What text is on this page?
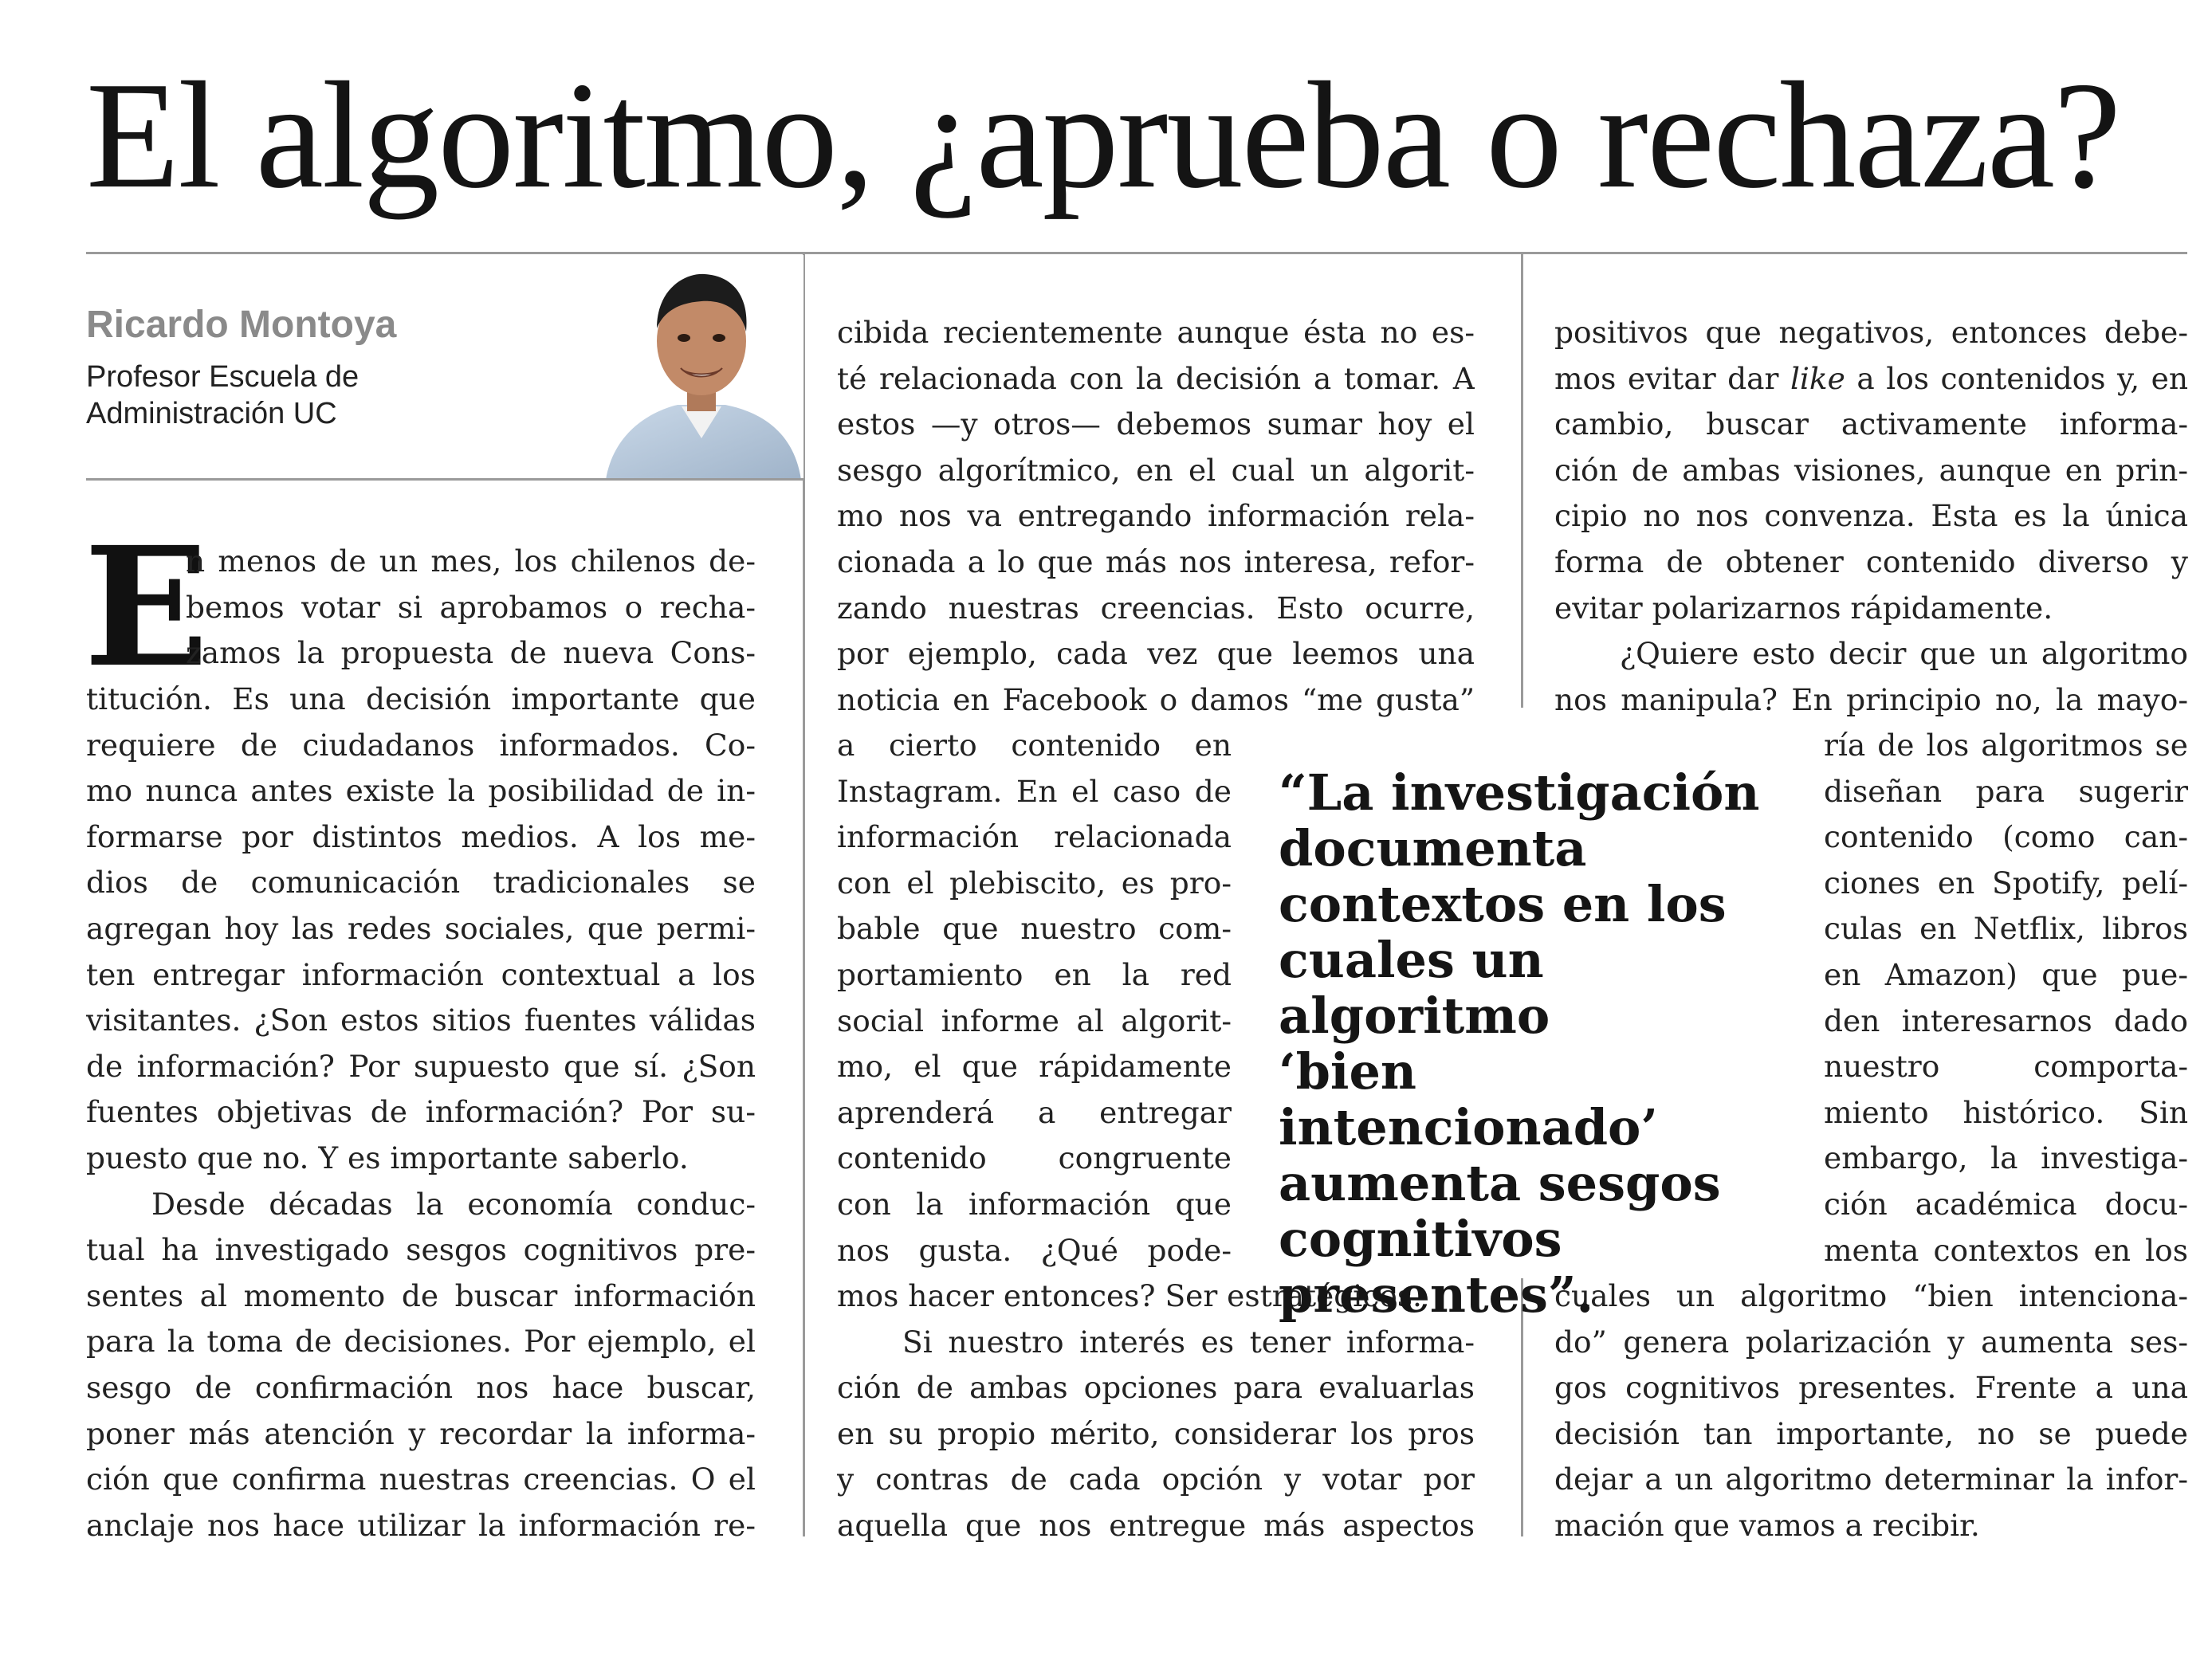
El algoritmo, ¿aprueba o rechaza?
Ricardo Montoya
Profesor Escuela de
Administración UC
E
n menos de un mes, los chilenos de-
bemos votar si aprobamos o recha-
zamos la propuesta de nueva Cons-
titución. Es una decisión importante que
requiere de ciudadanos informados. Co-
mo nunca antes existe la posibilidad de in-
formarse por distintos medios. A los me-
dios de comunicación tradicionales se
agregan hoy las redes sociales, que permi-
ten entregar información contextual a los
visitantes. ¿Son estos sitios fuentes válidas
de información? Por supuesto que sí. ¿Son
fuentes objetivas de información? Por su-
puesto que no. Y es importante saberlo.
Desde décadas la economía conduc-
tual ha investigado sesgos cognitivos pre-
sentes al momento de buscar información
para la toma de decisiones. Por ejemplo, el
sesgo de confirmación nos hace buscar,
poner más atención y recordar la informa-
ción que confirma nuestras creencias. O el
anclaje nos hace utilizar la información re-
cibida recientemente aunque ésta no es-
té relacionada con la decisión a tomar. A
estos —y otros— debemos sumar hoy el
sesgo algorítmico, en el cual un algorit-
mo nos va entregando información rela-
cionada a lo que más nos interesa, refor-
zando nuestras creencias. Esto ocurre,
por ejemplo, cada vez que leemos una
noticia en Facebook o damos “me gusta”
a cierto contenido en
Instagram. En el caso de
información relacionada
con el plebiscito, es pro-
bable que nuestro com-
portamiento en la red
social informe al algorit-
mo, el que rápidamente
aprenderá a entregar
contenido congruente
con la información que
nos gusta. ¿Qué pode-
mos hacer entonces? Ser estratégicos.
Si nuestro interés es tener informa-
ción de ambas opciones para evaluarlas
en su propio mérito, considerar los pros
y contras de cada opción y votar por
aquella que nos entregue más aspectos
positivos que negativos, entonces debe-
mos evitar dar like a los contenidos y, en
cambio, buscar activamente informa-
ción de ambas visiones, aunque en prin-
cipio no nos convenza. Esta es la única
forma de obtener contenido diverso y
evitar polarizarnos rápidamente.
¿Quiere esto decir que un algoritmo
nos manipula? En principio no, la mayo-
ría de los algoritmos se
diseñan para sugerir
contenido (como can-
ciones en Spotify, pelí-
culas en Netflix, libros
en Amazon) que pue-
den interesarnos dado
nuestro comporta-
miento histórico. Sin
embargo, la investiga-
ción académica docu-
menta contextos en los
cuales un algoritmo “bien intenciona-
do” genera polarización y aumenta ses-
gos cognitivos presentes. Frente a una
decisión tan importante, no se puede
dejar a un algoritmo determinar la infor-
mación que vamos a recibir.
“La investigación
documenta
contextos en los
cuales un algoritmo
‘bien intencionado’
aumenta sesgos
cognitivos
presentes”.
